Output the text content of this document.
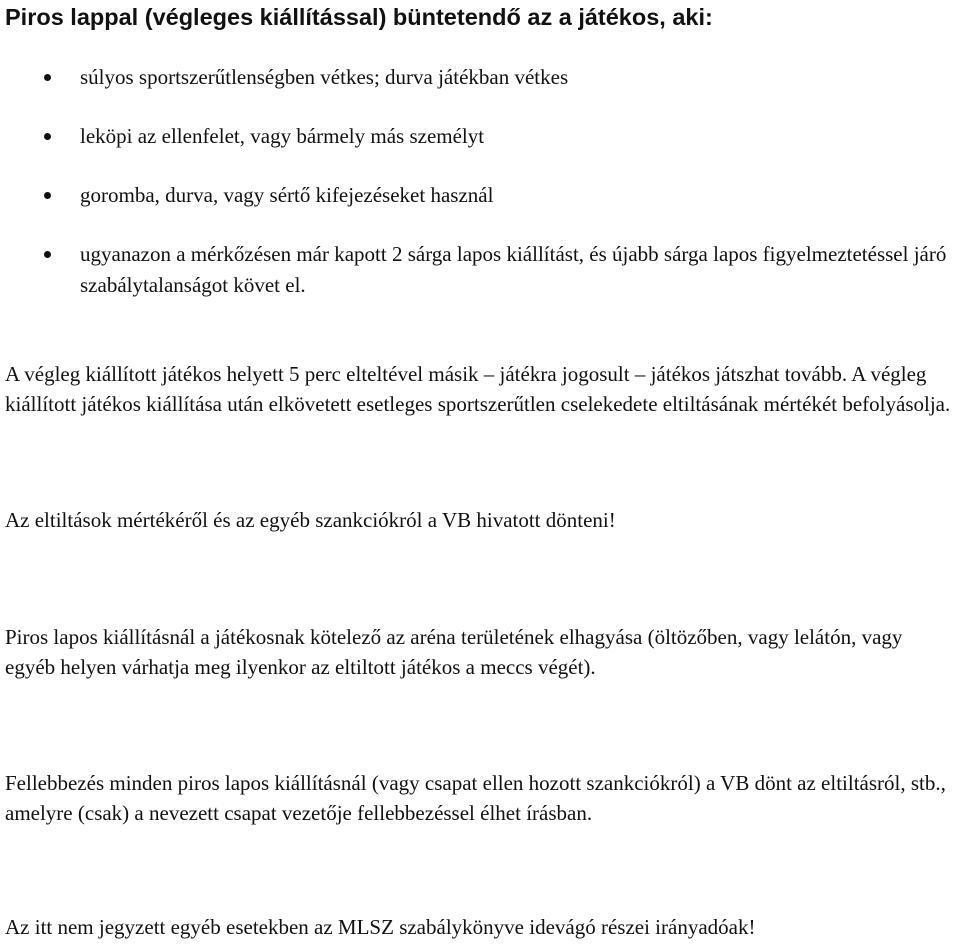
Piros lappal (végleges kiállítással) büntetendő az a játékos, aki:
súlyos sportszerűtlenségben vétkes; durva játékban vétkes
leköpi az ellenfelet, vagy bármely más személyt
goromba, durva, vagy sértő kifejezéseket használ
ugyanazon a mérkőzésen már kapott 2 sárga lapos kiállítást, és újabb sárga lapos figyelmeztetéssel járó szabálytalanságot követ el.

A végleg kiállított játékos helyett 5 perc elteltével másik – játékra jogosult – játékos játszhat tovább. A végleg kiállított játékos kiállítása után elkövetett esetleges sportszerűtlen cselekedete eltiltásának mértékét befolyásolja.

Az eltiltások mértékéről és az egyéb szankciókról a VB hivatott dönteni!

Piros lapos kiállításnál a játékosnak kötelező az aréna területének elhagyása (öltözőben, vagy lelátón, vagy egyéb helyen várhatja meg ilyenkor az eltiltott játékos a meccs végét).

Fellebbezés minden piros lapos kiállításnál (vagy csapat ellen hozott szankciókról) a VB dönt az eltiltásról, stb., amelyre (csak) a nevezett csapat vezetője fellebbezéssel élhet írásban.

Az itt nem jegyzett egyéb esetekben az MLSZ szabálykönyve idevágó részei irányadóak!
